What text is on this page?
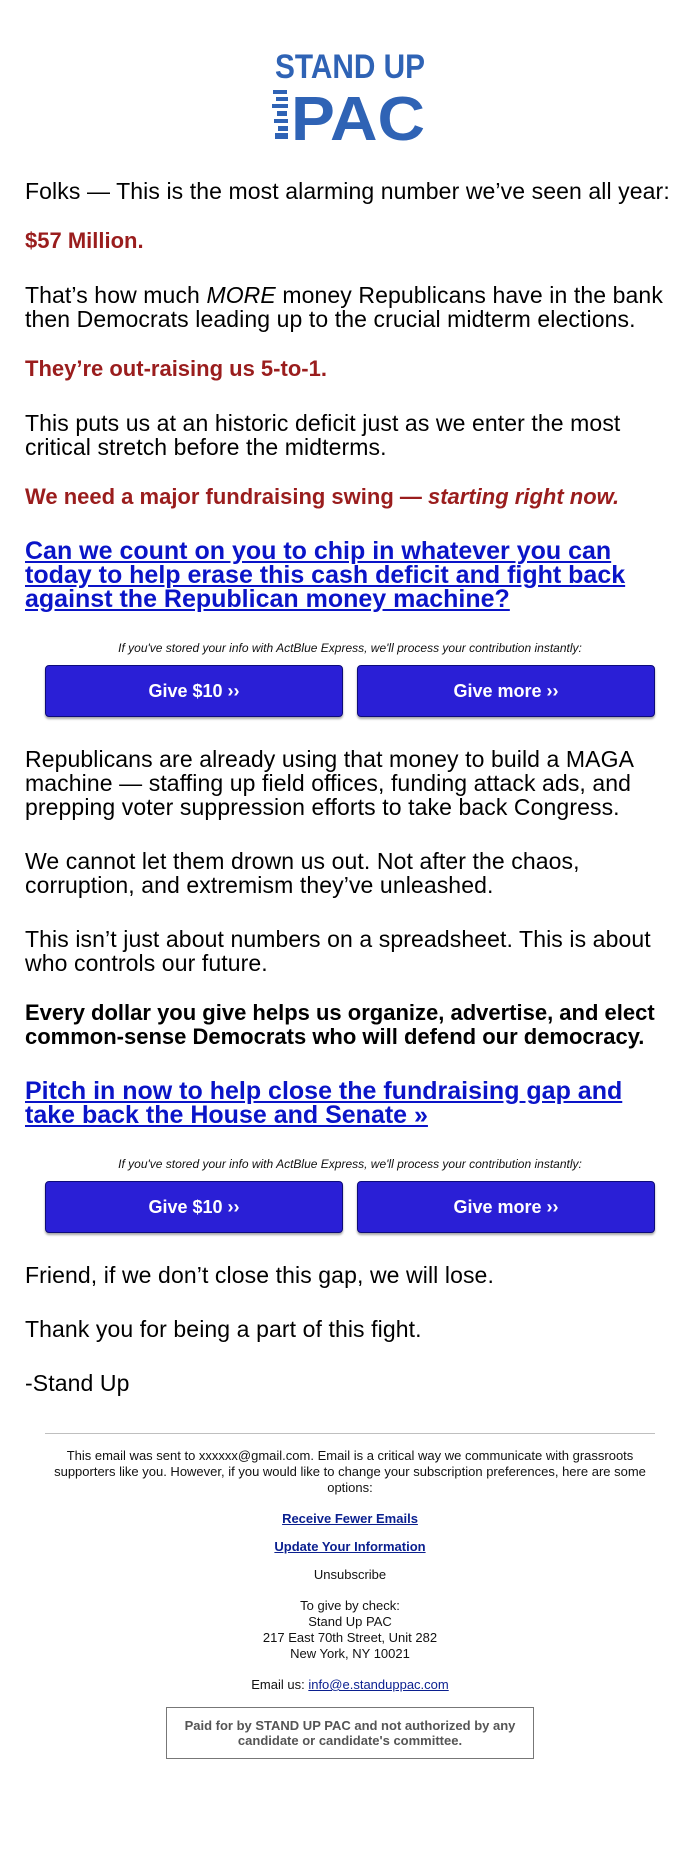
STAND UP
PAC

Folks — This is the most alarming number we’ve seen all year:

$57 Million.

That’s how much MORE money Republicans have in the bank then Democrats leading up to the crucial midterm elections.

They’re out-raising us 5-to-1.

This puts us at an historic deficit just as we enter the most critical stretch before the midterms.

We need a major fundraising swing — starting right now.

Can we count on you to chip in whatever you can today to help erase this cash deficit and fight back against the Republican money machine?
If you've stored your info with ActBlue Express, we'll process your contribution instantly:
Give $10 ››	Give more ››

Republicans are already using that money to build a MAGA machine — staffing up field offices, funding attack ads, and prepping voter suppression efforts to take back Congress.

We cannot let them drown us out. Not after the chaos, corruption, and extremism they’ve unleashed.

This isn’t just about numbers on a spreadsheet. This is about who controls our future.

Every dollar you give helps us organize, advertise, and elect common-sense Democrats who will defend our democracy.

Pitch in now to help close the fundraising gap and take back the House and Senate »
If you've stored your info with ActBlue Express, we'll process your contribution instantly:
Give $10 ››	Give more ››

Friend, if we don’t close this gap, we will lose.

Thank you for being a part of this fight.

-Stand Up

This email was sent to xxxxxx@gmail.com. Email is a critical way we communicate with grassroots supporters like you. However, if you would like to change your subscription preferences, here are some options:

Receive Fewer Emails
Update Your Information

Unsubscribe

To give by check:

Stand Up PAC

217 East 70th Street, Unit 282

New York, NY 10021

Email us: info@e.standuppac.com

Paid for by STAND UP PAC and not authorized by any candidate or candidate's committee.
